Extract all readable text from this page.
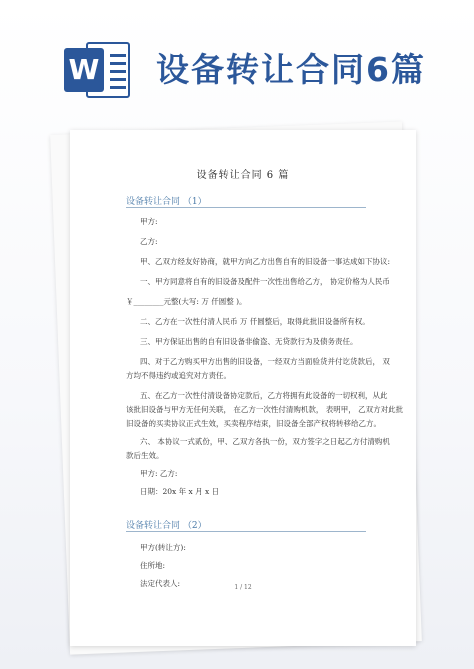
W 设备转让合同6篇
设备转让合同 6 篇
设备转让合同 （1）
甲方:
乙方:
甲、乙双方经友好协商，就甲方向乙方出售自有的旧设备一事达成如下协议:
一、甲方同意将自有的旧设备及配件一次性出售给乙方， 协定价格为人民币
￥________元整(大写: 万 仟圆整 )。
二、乙方在一次性付清人民币 万 仟圆整后，取得此批旧设备所有权。
三、甲方保证出售的自有旧设备非偷盗、无贷款行为及债务责任。
四、对于乙方购买甲方出售的旧设备，一经双方当面验货并付讫货款后， 双
方均不得违约或追究对方责任。
五、在乙方一次性付清设备协定款后，乙方将拥有此设备的一切权利，从此
该批旧设备与甲方无任何关联， 在乙方一次性付清购机款， 表明甲， 乙双方对此批
旧设备的买卖协议正式生效，买卖程序结束，旧设备全部产权将转移给乙方。
六、 本协议一式贰份，甲、乙双方各执一份，双方签字之日起乙方付清购机
款后生效。
甲方: 乙方:
日期：20x 年 x 月 x 日
设备转让合同 （2）
甲方(转让方):
住所地:
法定代表人:	1 / 12
